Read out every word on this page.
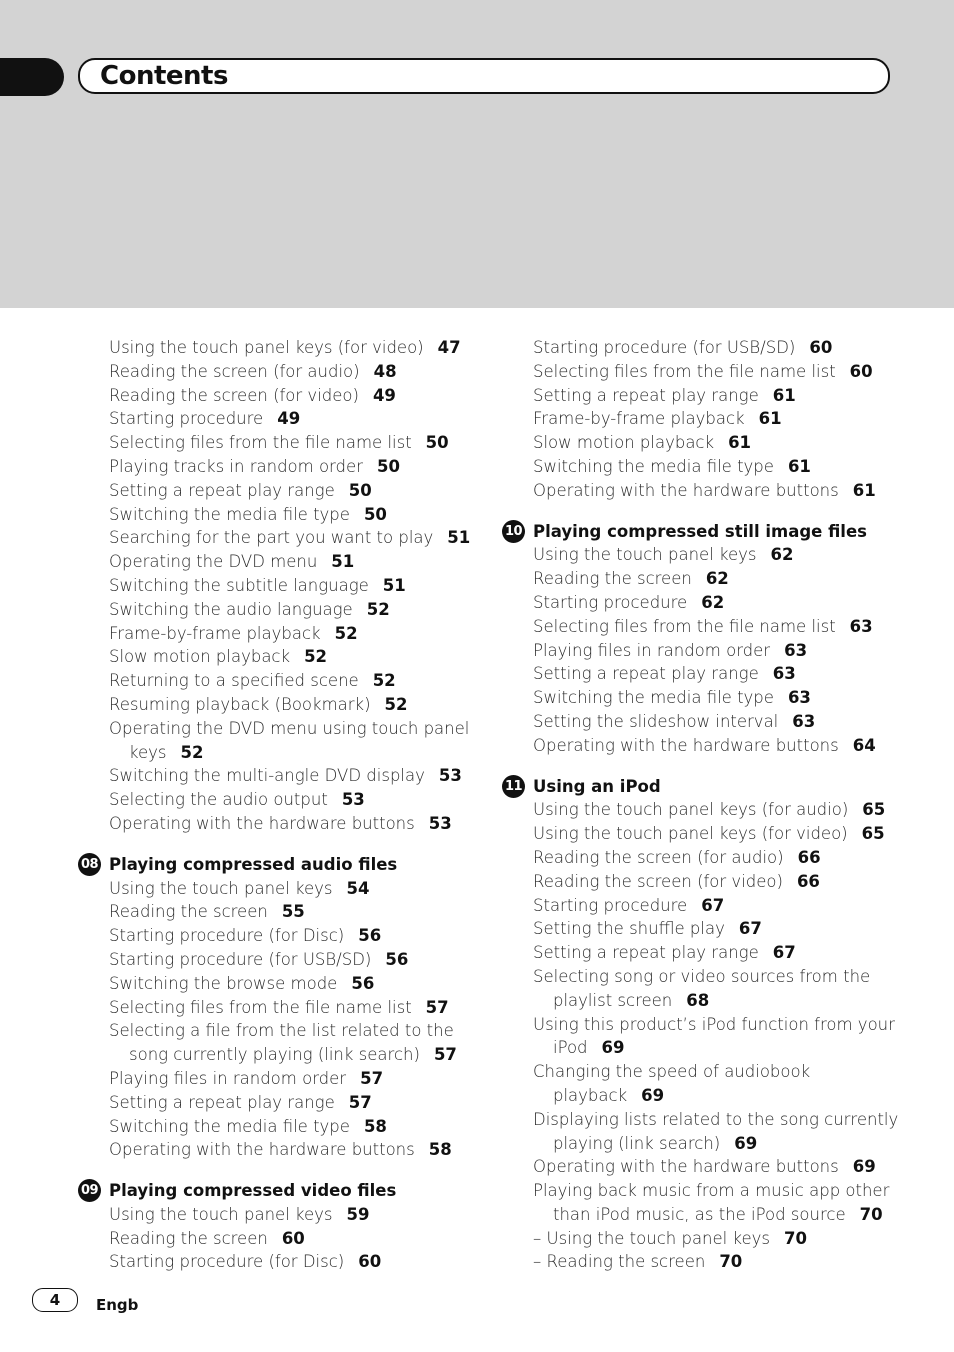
Contents
Using the touch panel keys (for video) 47
Reading the screen (for audio) 48
Reading the screen (for video) 49
Starting procedure 49
Selecting files from the file name list 50
Playing tracks in random order 50
Setting a repeat play range 50
Switching the media file type 50
Searching for the part you want to play 51
Operating the DVD menu 51
Switching the subtitle language 51
Switching the audio language 52
Frame-by-frame playback 52
Slow motion playback 52
Returning to a specified scene 52
Resuming playback (Bookmark) 52
Operating the DVD menu using touch panel
keys 52
Switching the multi-angle DVD display 53
Selecting the audio output 53
Operating with the hardware buttons 53
08 Playing compressed audio files
Using the touch panel keys 54
Reading the screen 55
Starting procedure (for Disc) 56
Starting procedure (for USB/SD) 56
Switching the browse mode 56
Selecting files from the file name list 57
Selecting a file from the list related to the
song currently playing (link search) 57
Playing files in random order 57
Setting a repeat play range 57
Switching the media file type 58
Operating with the hardware buttons 58
09 Playing compressed video files
Using the touch panel keys 59
Reading the screen 60
Starting procedure (for Disc) 60
Starting procedure (for USB/SD) 60
Selecting files from the file name list 60
Setting a repeat play range 61
Frame-by-frame playback 61
Slow motion playback 61
Switching the media file type 61
Operating with the hardware buttons 61
10 Playing compressed still image files
Using the touch panel keys 62
Reading the screen 62
Starting procedure 62
Selecting files from the file name list 63
Playing files in random order 63
Setting a repeat play range 63
Switching the media file type 63
Setting the slideshow interval 63
Operating with the hardware buttons 64
11 Using an iPod
Using the touch panel keys (for audio) 65
Using the touch panel keys (for video) 65
Reading the screen (for audio) 66
Reading the screen (for video) 66
Starting procedure 67
Setting the shuffle play 67
Setting a repeat play range 67
Selecting song or video sources from the
playlist screen 68
Using this product’s iPod function from your
iPod 69
Changing the speed of audiobook
playback 69
Displaying lists related to the song currently
playing (link search) 69
Operating with the hardware buttons 69
Playing back music from a music app other
than iPod music, as the iPod source 70
– Using the touch panel keys 70
– Reading the screen 70
4	Engb
